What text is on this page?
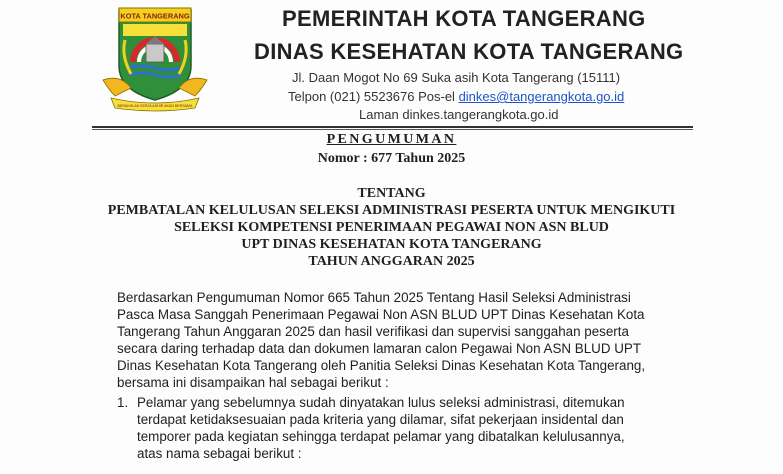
KOTA TANGERANG
BERAKHLAK KERJA AKHIR AKAN BERSAMA
PEMERINTAH KOTA TANGERANG
DINAS KESEHATAN KOTA TANGERANG
Jl. Daan Mogot No 69 Suka asih Kota Tangerang (15111)
Telpon (021) 5523676 Pos-el dinkes@tangerangkota.go.id
Laman dinkes.tangerangkota.go.id
PENGUMUMAN
Nomor : 677 Tahun 2025
TENTANG
PEMBATALAN KELULUSAN SELEKSI ADMINISTRASI PESERTA UNTUK MENGIKUTI
SELEKSI KOMPETENSI PENERIMAAN PEGAWAI NON ASN BLUD
UPT DINAS KESEHATAN KOTA TANGERANG
TAHUN ANGGARAN 2025
Berdasarkan Pengumuman Nomor 665 Tahun 2025 Tentang Hasil Seleksi Administrasi
Pasca Masa Sanggah Penerimaan Pegawai Non ASN BLUD UPT Dinas Kesehatan Kota
Tangerang Tahun Anggaran 2025 dan hasil verifikasi dan supervisi sanggahan peserta
secara daring terhadap data dan dokumen lamaran calon Pegawai Non ASN BLUD UPT
Dinas Kesehatan Kota Tangerang oleh Panitia Seleksi Dinas Kesehatan Kota Tangerang,
bersama ini disampaikan hal sebagai berikut :
1. Pelamar yang sebelumnya sudah dinyatakan lulus seleksi administrasi, ditemukan
terdapat ketidaksesuaian pada kriteria yang dilamar, sifat pekerjaan insidental dan
temporer pada kegiatan sehingga terdapat pelamar yang dibatalkan kelulusannya,
atas nama sebagai berikut :
